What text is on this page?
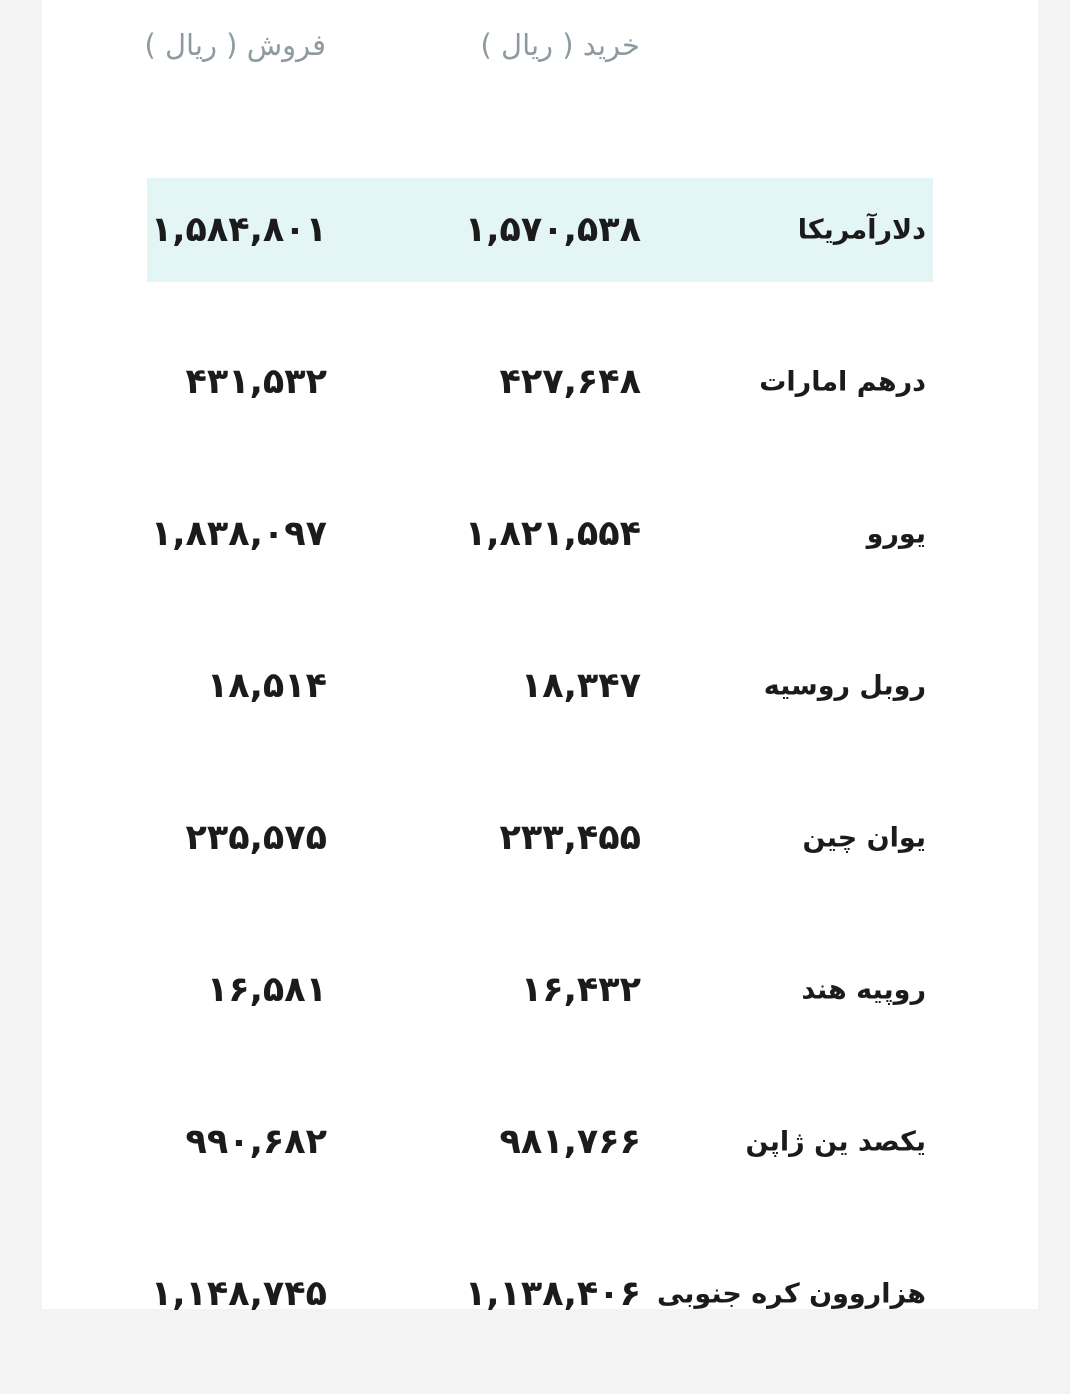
خرید ( ریال )
فروش ( ریال )
دلارآمریکا
۱,۵۷۰,۵۳۸
۱,۵۸۴,۸۰۱
درهم امارات
۴۲۷,۶۴۸
۴۳۱,۵۳۲
یورو
۱,۸۲۱,۵۵۴
۱,۸۳۸,۰۹۷
روبل روسیه
۱۸,۳۴۷
۱۸,۵۱۴
یوان چین
۲۳۳,۴۵۵
۲۳۵,۵۷۵
روپیه هند
۱۶,۴۳۲
۱۶,۵۸۱
یکصد ین ژاپن
۹۸۱,۷۶۶
۹۹۰,۶۸۲
هزاروون کره جنوبی
۱,۱۳۸,۴۰۶
۱,۱۴۸,۷۴۵
